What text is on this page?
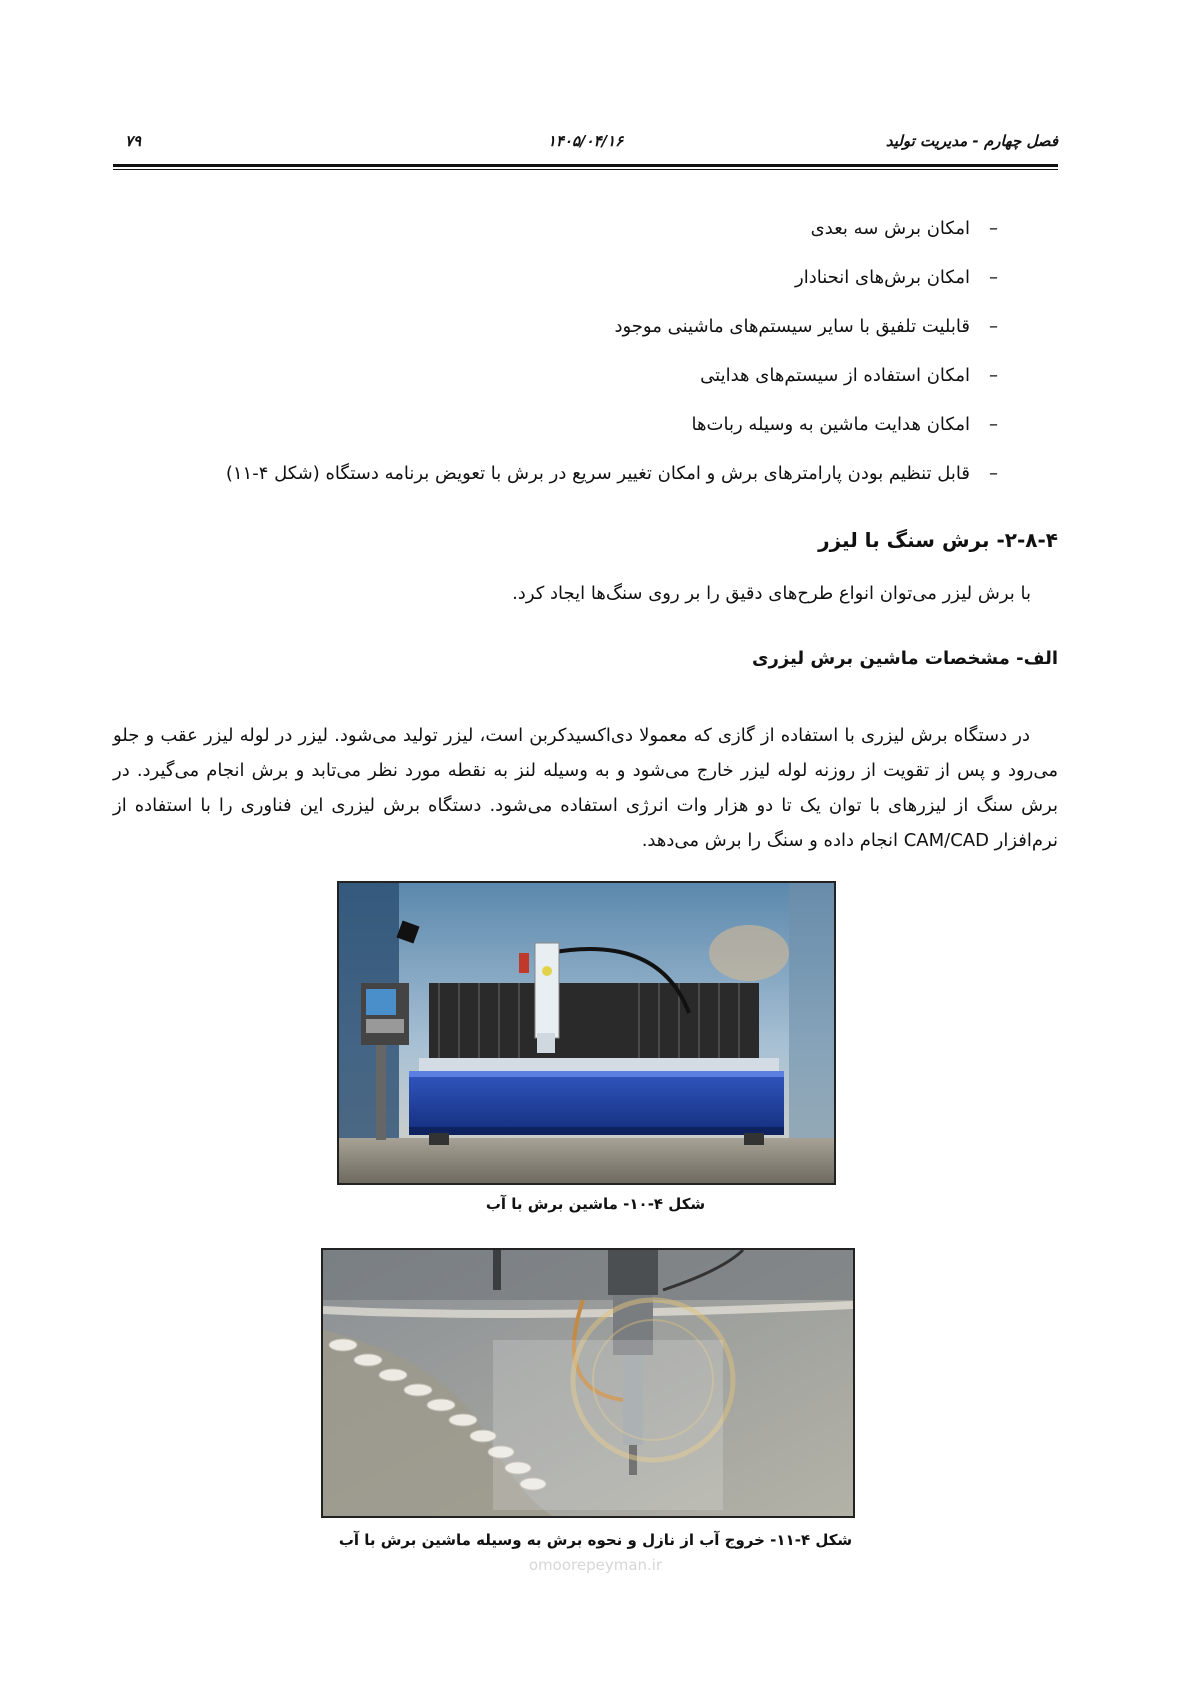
فصل چهارم - مدیریت تولید
۱۴۰۵/۰۴/۱۶
۷۹
–امکان برش سه بعدی
–امکان برش‌های انحنادار
–قابلیت تلفیق با سایر سیستم‌های ماشینی موجود
–امکان استفاده از سیستم‌های هدایتی
–امکان هدایت ماشین به وسیله ربات‌ها
–قابل تنظیم بودن پارامترهای برش و امکان تغییر سریع در برش با تعویض برنامه دستگاه (شکل ۴-۱۱)
۲-۸-۴- برش سنگ با لیزر
با برش لیزر می‌توان انواع طرح‌های دقیق را بر روی سنگ‌ها ایجاد کرد.
الف- مشخصات ماشین برش لیزری

در دستگاه برش لیزری با استفاده از گازی که معمولا دی‌اکسیدکربن است، لیزر تولید می‌شود. لیزر در لوله لیزر عقب و جلو می‌رود و پس از تقویت از روزنه لوله لیزر خارج می‌شود و به وسیله لنز به نقطه مورد نظر می‌تابد و برش انجام می‌گیرد. در برش سنگ از لیزرهای با توان یک تا دو هزار وات انرژی استفاده می‌شود. دستگاه برش لیزری این فناوری را با استفاده از نرم‌افزار CAM/CAD انجام داده و سنگ را برش می‌دهد.

شکل ۴-۱۰- ماشین برش با آب
شکل ۴-۱۱- خروج آب از نازل و نحوه برش به وسیله ماشین برش با آب
omoorepeyman.ir
